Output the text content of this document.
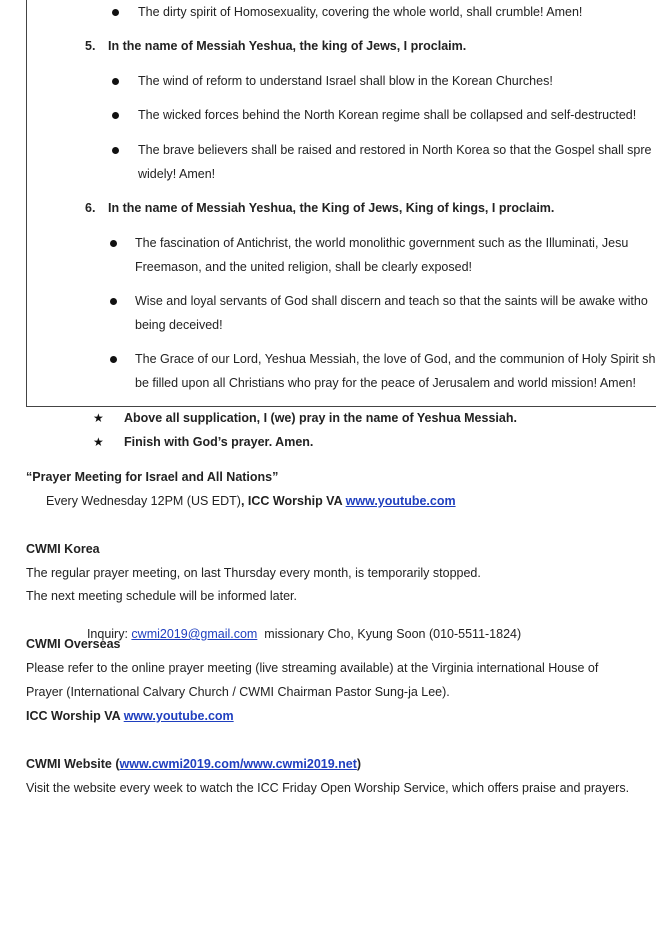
The dirty spirit of Homosexuality, covering the whole world, shall crumble! Amen!
5. In the name of Messiah Yeshua, the king of Jews, I proclaim.
The wind of reform to understand Israel shall blow in the Korean Churches!
The wicked forces behind the North Korean regime shall be collapsed and self-destructed!
The brave believers shall be raised and restored in North Korea so that the Gospel shall spre
widely! Amen!
6. In the name of Messiah Yeshua, the King of Jews, King of kings, I proclaim.
The fascination of Antichrist, the world monolithic government such as the Illuminati, Jesu
Freemason, and the united religion, shall be clearly exposed!
Wise and loyal servants of God shall discern and teach so that the saints will be awake witho
being deceived!
The Grace of our Lord, Yeshua Messiah, the love of God, and the communion of Holy Spirit sh
be filled upon all Christians who pray for the peace of Jerusalem and world mission! Amen!
★ Above all supplication, I (we) pray in the name of Yeshua Messiah.
★ Finish with God’s prayer. Amen.
“Prayer Meeting for Israel and All Nations”
Every Wednesday 12PM (US EDT), ICC Worship VA www.youtube.com
CWMI Korea
The regular prayer meeting, on last Thursday every month, is temporarily stopped.
The next meeting schedule will be informed later.

Inquiry: cwmi2019@gmail.com  missionary Cho, Kyung Soon (010-5511-1824)

CWMI Overseas
Please refer to the online prayer meeting (live streaming available) at the Virginia international House of
Prayer (International Calvary Church / CWMI Chairman Pastor Sung-ja Lee).
ICC Worship VA www.youtube.com
CWMI Website (www.cwmi2019.com/www.cwmi2019.net)
Visit the website every week to watch the ICC Friday Open Worship Service, which offers praise and prayers.
